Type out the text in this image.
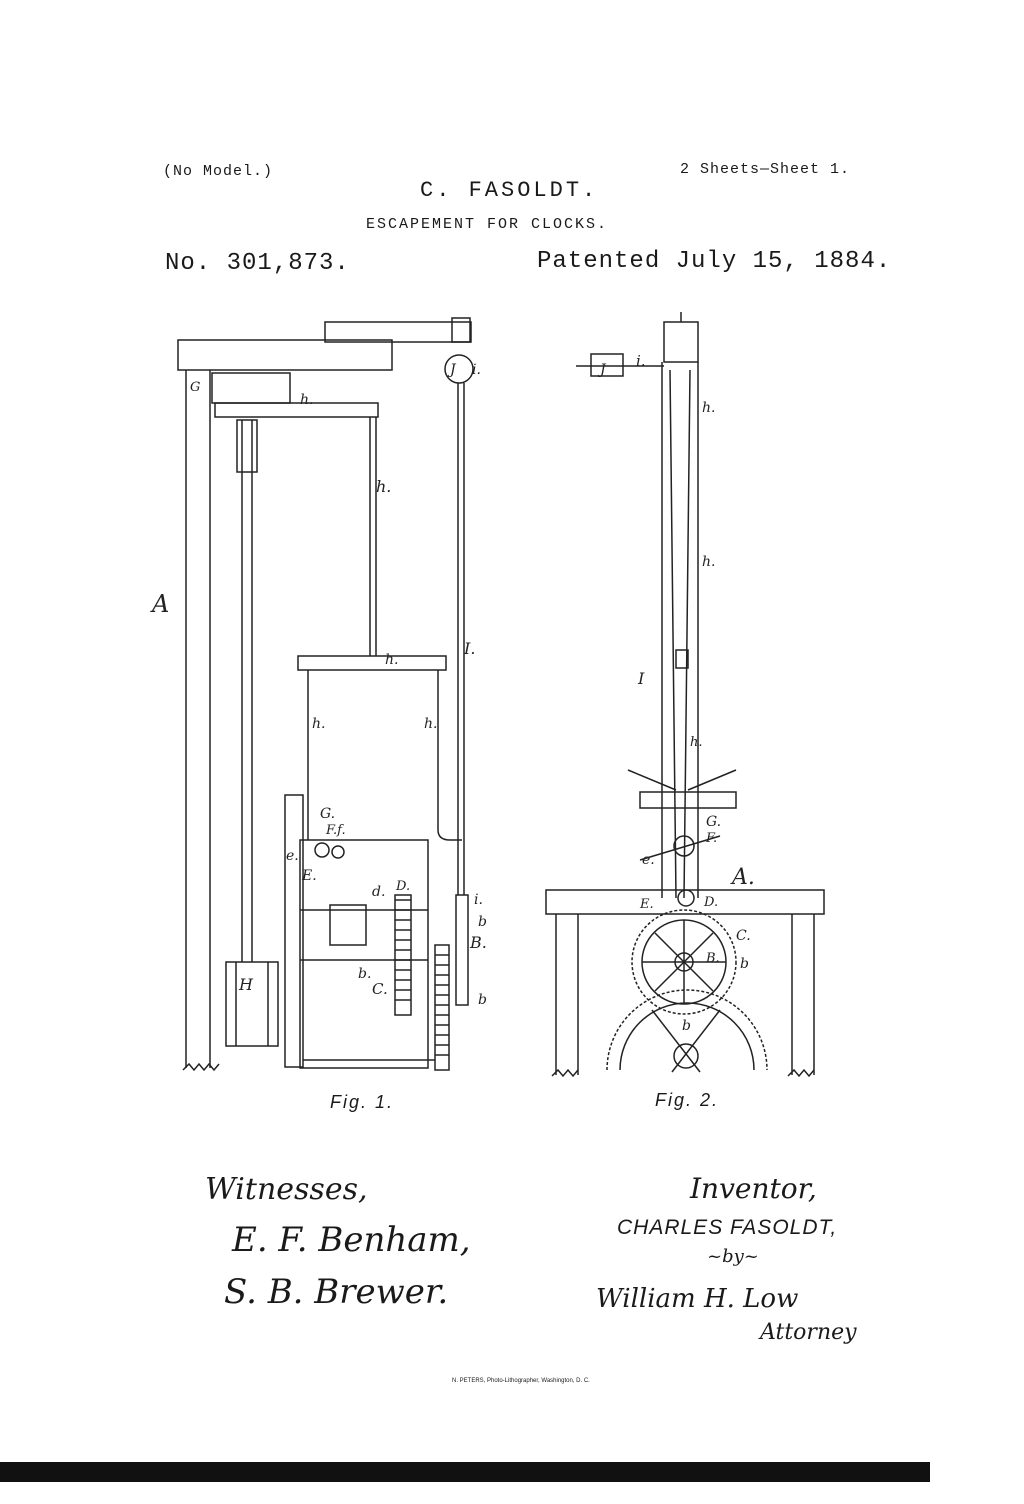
(No Model.)	2 Sheets—Sheet 1.
C. FASOLDT.
ESCAPEMENT FOR CLOCKS.
No. 301,873.	Patented July 15, 1884.
A
G
h.
h.
h.
h.	h.
I.
i.
J
G.
F.f.
e.
E.
d. D.
i.
b
B.
b.
C.
b
H
i.
J
h.
h.
I
h.
G.
F.
e.
A.
E.	D.
C.
B. b
b
Fig. 1.	Fig. 2.
Witnesses,
E. F. Benham,
S. B. Brewer.
Inventor,
CHARLES FASOLDT,
~by~
William H. Low
Attorney
N. PETERS, Photo-Lithographer, Washington, D. C.
